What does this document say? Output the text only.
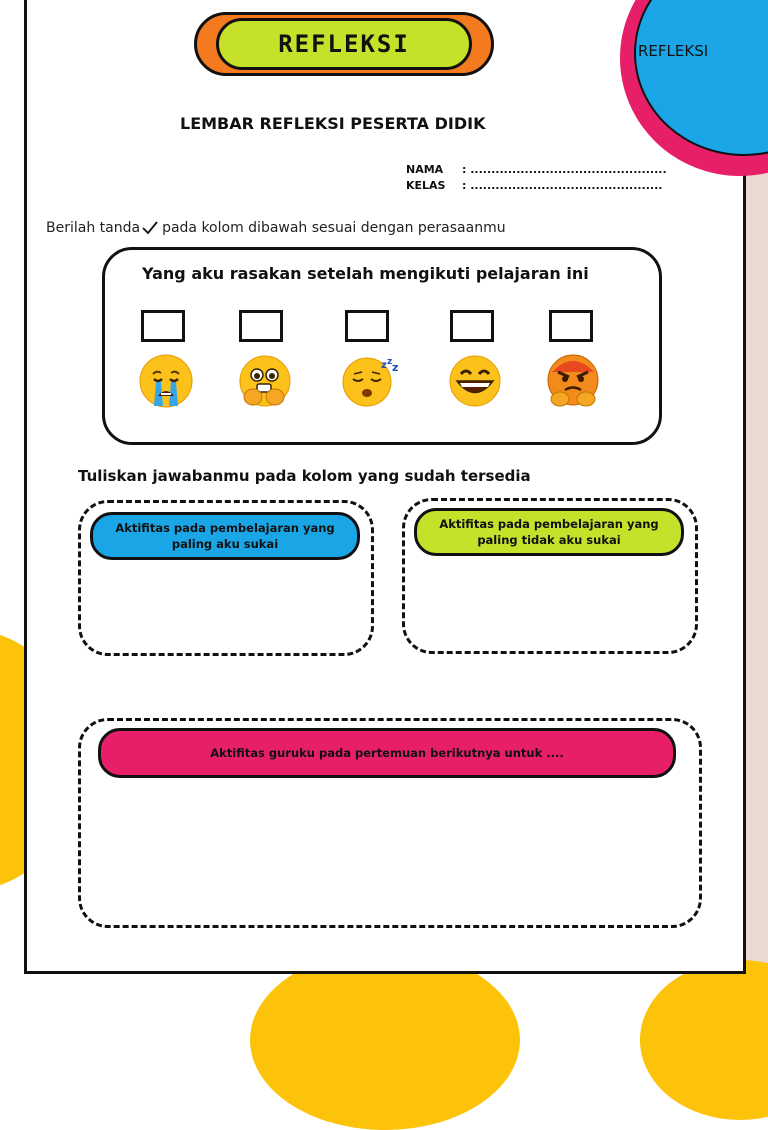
REFLEKSI
REFLEKSI
LEMBAR REFLEKSI PESERTA DIDIK
NAMA	: ...............................................
KELAS	: ..............................................
Berilah tanda pada kolom dibawah sesuai dengan perasaanmu
Yang aku rasakan setelah mengikuti pelajaran ini
z z z
Tuliskan jawabanmu pada kolom yang sudah tersedia
Aktifitas pada pembelajaran yang paling aku sukai
Aktifitas pada pembelajaran yang paling tidak aku sukai
Aktifitas guruku pada pertemuan berikutnya untuk ....
